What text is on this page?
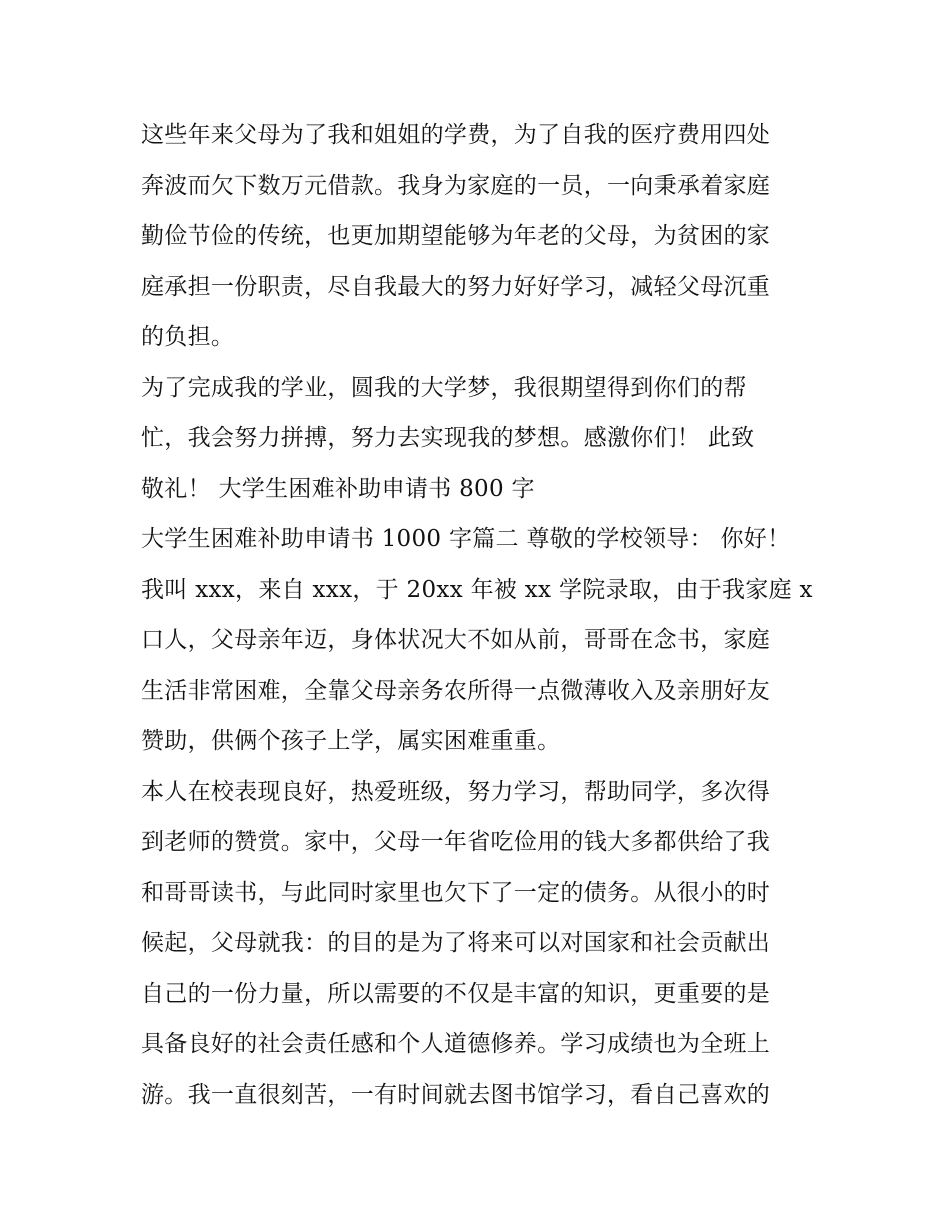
这些年来父母为了我和姐姐的学费，为了自我的医疗费用四处
奔波而欠下数万元借款。我身为家庭的一员，一向秉承着家庭
勤俭节俭的传统，也更加期望能够为年老的父母，为贫困的家
庭承担一份职责，尽自我最大的努力好好学习，减轻父母沉重
的负担。
为了完成我的学业，圆我的大学梦，我很期望得到你们的帮
忙，我会努力拼搏，努力去实现我的梦想。感激你们！ 此致
敬礼！ 大学生困难补助申请书 800 字
大学生困难补助申请书 1000 字篇二 尊敬的学校领导： 你好！
我叫 xxx，来自 xxx，于 20xx 年被 xx 学院录取，由于我家庭 x
口人，父母亲年迈，身体状况大不如从前，哥哥在念书，家庭
生活非常困难，全靠父母亲务农所得一点微薄收入及亲朋好友
赞助，供俩个孩子上学，属实困难重重。
本人在校表现良好，热爱班级，努力学习，帮助同学，多次得
到老师的赞赏。家中，父母一年省吃俭用的钱大多都供给了我
和哥哥读书，与此同时家里也欠下了一定的债务。从很小的时
候起，父母就我：的目的是为了将来可以对国家和社会贡献出
自己的一份力量，所以需要的不仅是丰富的知识，更重要的是
具备良好的社会责任感和个人道德修养。学习成绩也为全班上
游。我一直很刻苦，一有时间就去图书馆学习，看自己喜欢的
